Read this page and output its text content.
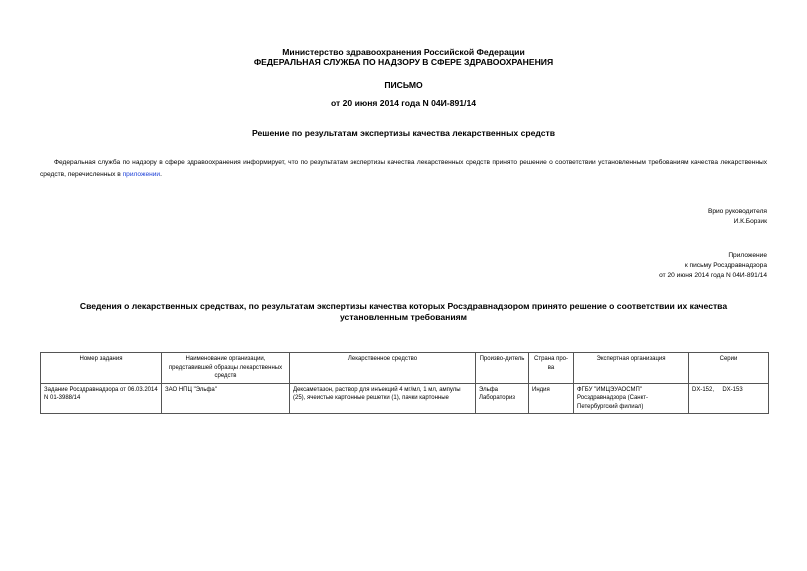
Министерство здравоохранения Российской Федерации
ФЕДЕРАЛЬНАЯ СЛУЖБА ПО НАДЗОРУ В СФЕРЕ ЗДРАВООХРАНЕНИЯ
ПИСЬМО
от 20 июня 2014 года N 04И-891/14
Решение по результатам экспертизы качества лекарственных средств
Федеральная служба по надзору в сфере здравоохранения информирует, что по результатам экспертизы качества лекарственных средств принято решение о соответствии установленным требованиям качества лекарственных средств, перечисленных в приложении.
Врио руководителя
И.К.Борзик
Приложение
к письму Росздравнадзора
от 20 июня 2014 года N 04И-891/14
Сведения о лекарственных средствах, по результатам экспертизы качества которых Росздравнадзором принято решение о соответствии их качества установленным требованиям
Номер задания	Наименование организации, представившей образцы лекарственных средств	Лекарственное средство	Произво-дитель	Страна про-ва	Экспертная организация	Серии
Задание Росздравнадзора от 06.03.2014 N 01-3988/14	ЗАО НПЦ "Эльфа"	Дексаметазон, раствор для инъекций 4 мг/мл, 1 мл, ампулы (25), ячеистые картонные решетки (1), пачки картонные	Эльфа Лабораториз	Индия	ФГБУ "ИМЦЭУАОСМП" Росздравнадзора (Санкт-Петербургский филиал)	DX-152,     DX-153
